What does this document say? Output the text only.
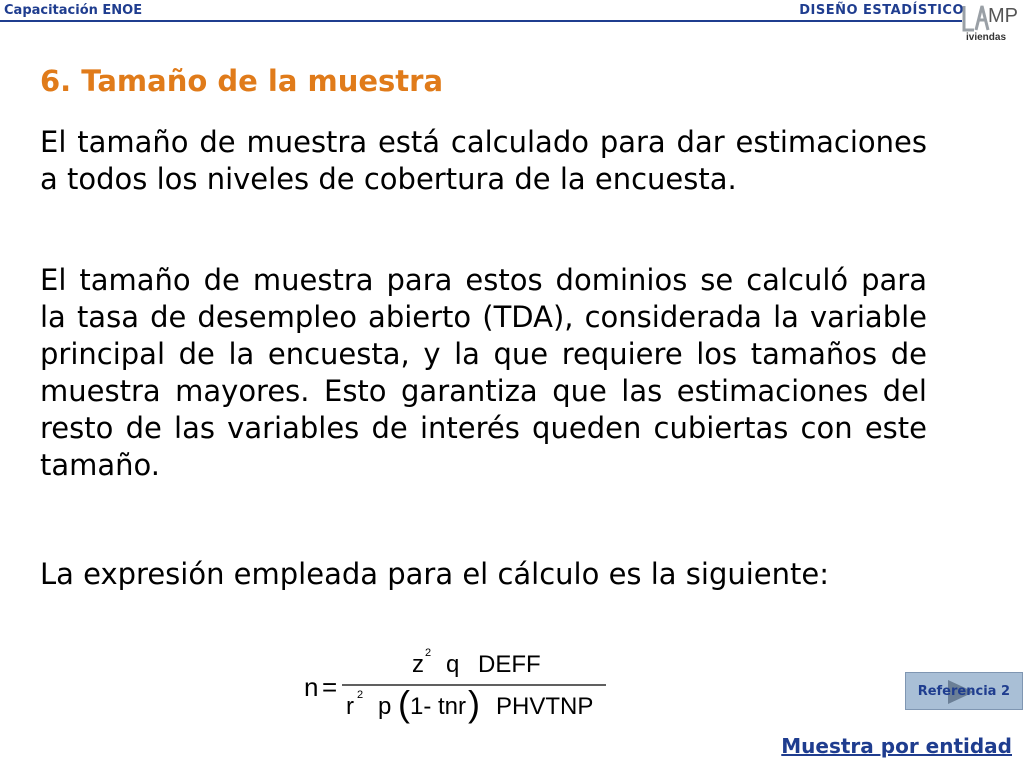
Capacitación ENOE	DISEÑO ESTADÍSTICO MP
iviendas
6. Tamaño de la muestra

El tamaño de muestra está calculado para dar estimaciones a todos los niveles de cobertura de la encuesta.

El tamaño de muestra para estos dominios se calculó para la tasa de desempleo abierto (TDA), considerada la variable principal de la encuesta, y la que requiere los tamaños de muestra mayores. Esto garantiza que las estimaciones del resto de las variables de interés queden cubiertas con este tamaño.

La expresión empleada para el cálculo es la siguiente:

n =
z 2 q DEFF
r 2 p ( 1- tnr ) PHVTNP
Referencia 2
Muestra por entidad
